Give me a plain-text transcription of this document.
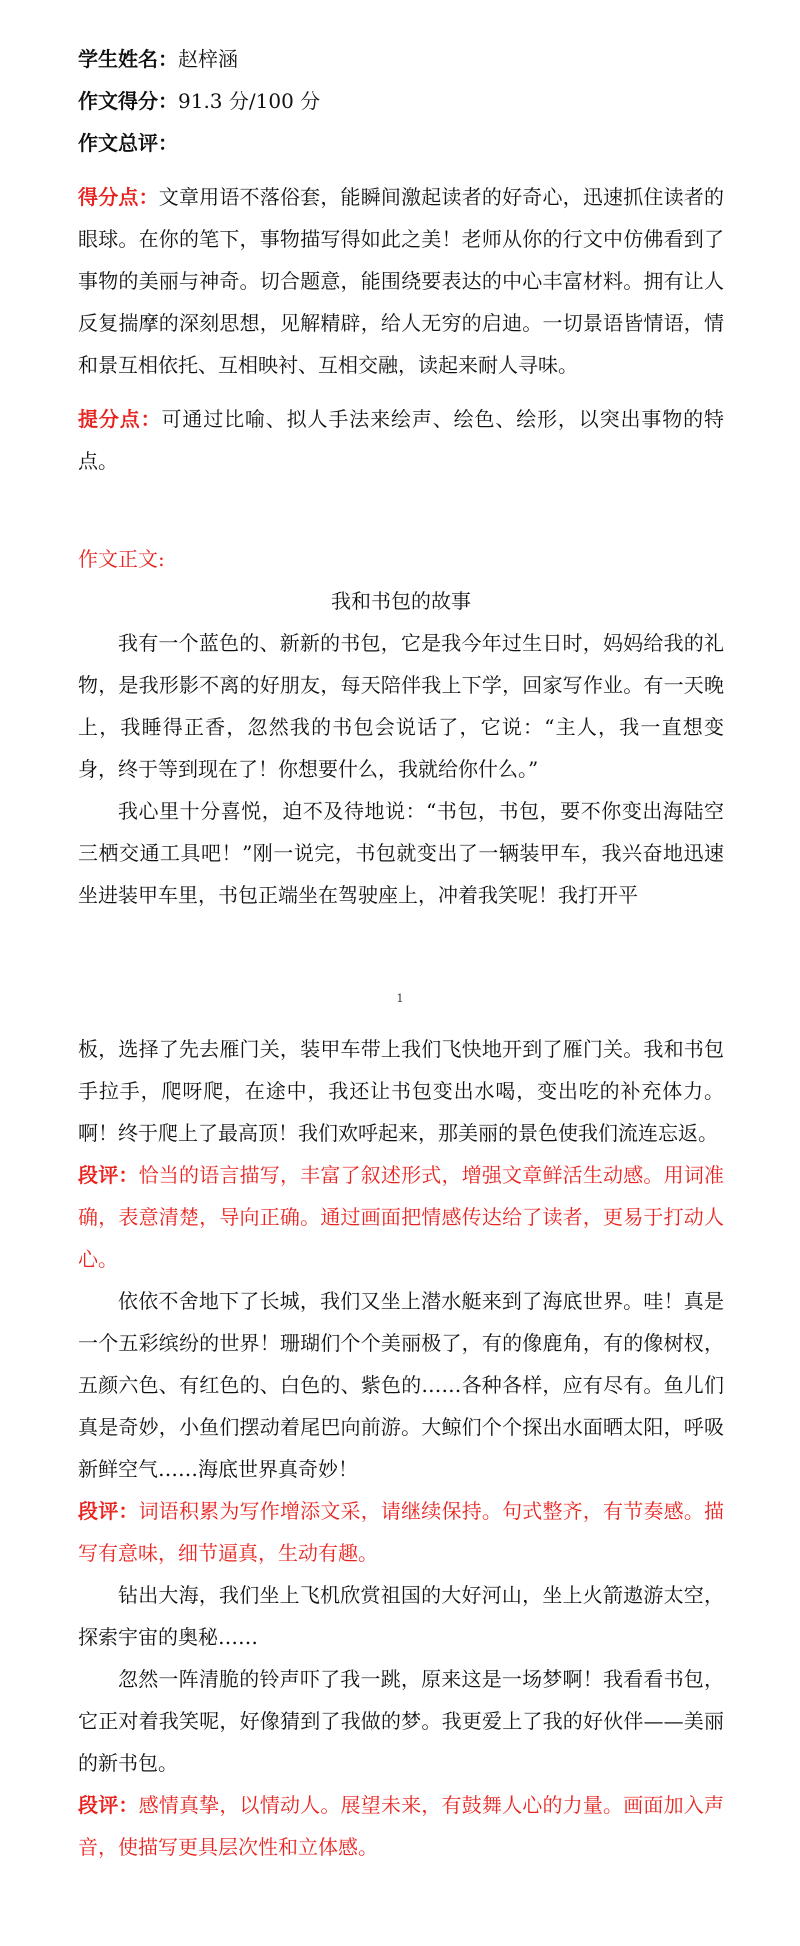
学生姓名：赵梓涵

作文得分：91.3 分/100 分

作文总评：

得分点：文章用语不落俗套，能瞬间激起读者的好奇心，迅速抓住读者的眼球。在你的笔下，事物描写得如此之美！老师从你的行文中仿佛看到了事物的美丽与神奇。切合题意，能围绕要表达的中心丰富材料。拥有让人反复揣摩的深刻思想，见解精辟，给人无穷的启迪。一切景语皆情语，情和景互相依托、互相映衬、互相交融，读起来耐人寻味。

提分点：可通过比喻、拟人手法来绘声、绘色、绘形，以突出事物的特点。

作文正文:

我和书包的故事

我有一个蓝色的、新新的书包，它是我今年过生日时，妈妈给我的礼物，是我形影不离的好朋友，每天陪伴我上下学，回家写作业。有一天晚上，我睡得正香，忽然我的书包会说话了，它说：“主人，我一直想变身，终于等到现在了！你想要什么，我就给你什么。”

我心里十分喜悦，迫不及待地说：“书包，书包，要不你变出海陆空三栖交通工具吧！”刚一说完，书包就变出了一辆装甲车，我兴奋地迅速坐进装甲车里，书包正端坐在驾驶座上，冲着我笑呢！我打开平

1

板，选择了先去雁门关，装甲车带上我们飞快地开到了雁门关。我和书包手拉手，爬呀爬，在途中，我还让书包变出水喝，变出吃的补充体力。啊！终于爬上了最高顶！我们欢呼起来，那美丽的景色使我们流连忘返。

段评：恰当的语言描写，丰富了叙述形式，增强文章鲜活生动感。用词准确，表意清楚，导向正确。通过画面把情感传达给了读者，更易于打动人心。

依依不舍地下了长城，我们又坐上潜水艇来到了海底世界。哇！真是一个五彩缤纷的世界！珊瑚们个个美丽极了，有的像鹿角，有的像树杈，五颜六色、有红色的、白色的、紫色的……各种各样，应有尽有。鱼儿们真是奇妙，小鱼们摆动着尾巴向前游。大鲸们个个探出水面晒太阳，呼吸新鲜空气……海底世界真奇妙！

段评：词语积累为写作增添文采，请继续保持。句式整齐，有节奏感。描写有意味，细节逼真，生动有趣。

钻出大海，我们坐上飞机欣赏祖国的大好河山，坐上火箭遨游太空，探索宇宙的奥秘……

忽然一阵清脆的铃声吓了我一跳，原来这是一场梦啊！我看看书包，它正对着我笑呢，好像猜到了我做的梦。我更爱上了我的好伙伴——美丽的新书包。

段评：感情真挚，以情动人。展望未来，有鼓舞人心的力量。画面加入声音，使描写更具层次性和立体感。
